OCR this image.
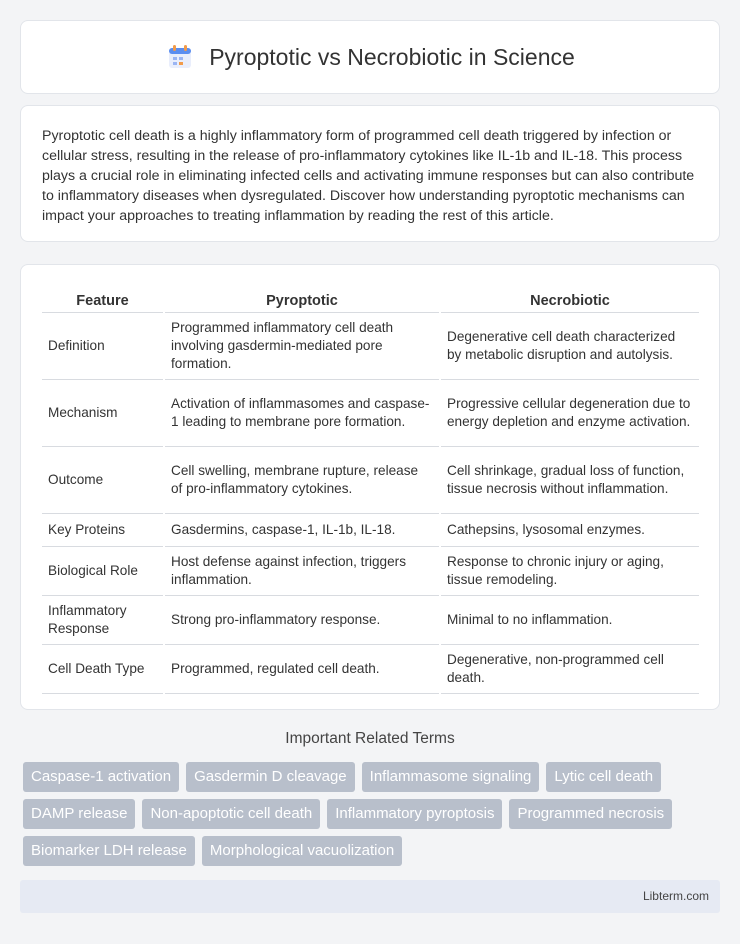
Pyroptotic vs Necrobiotic in Science

Pyroptotic cell death is a highly inflammatory form of programmed cell death triggered by infection or cellular stress, resulting in the release of pro-inflammatory cytokines like IL-1b and IL-18. This process plays a crucial role in eliminating infected cells and activating immune responses but can also contribute to inflammatory diseases when dysregulated. Discover how understanding pyroptotic mechanisms can impact your approaches to treating inflammation by reading the rest of this article.

Feature	Pyroptotic	Necrobiotic
Definition	Programmed inflammatory cell death involving gasdermin-mediated pore formation.	Degenerative cell death characterized by metabolic disruption and autolysis.
Mechanism	Activation of inflammasomes and caspase-1 leading to membrane pore formation.	Progressive cellular degeneration due to energy depletion and enzyme activation.
Outcome	Cell swelling, membrane rupture, release of pro-inflammatory cytokines.	Cell shrinkage, gradual loss of function, tissue necrosis without inflammation.
Key Proteins	Gasdermins, caspase-1, IL-1b, IL-18.	Cathepsins, lysosomal enzymes.
Biological Role	Host defense against infection, triggers inflammation.	Response to chronic injury or aging, tissue remodeling.
Inflammatory Response	Strong pro-inflammatory response.	Minimal to no inflammation.
Cell Death Type	Programmed, regulated cell death.	Degenerative, non-programmed cell death.
Important Related Terms
Caspase-1 activation	Gasdermin D cleavage	Inflammasome signaling	Lytic cell death
DAMP release	Non-apoptotic cell death	Inflammatory pyroptosis	Programmed necrosis
Biomarker LDH release	Morphological vacuolization
Libterm.com
